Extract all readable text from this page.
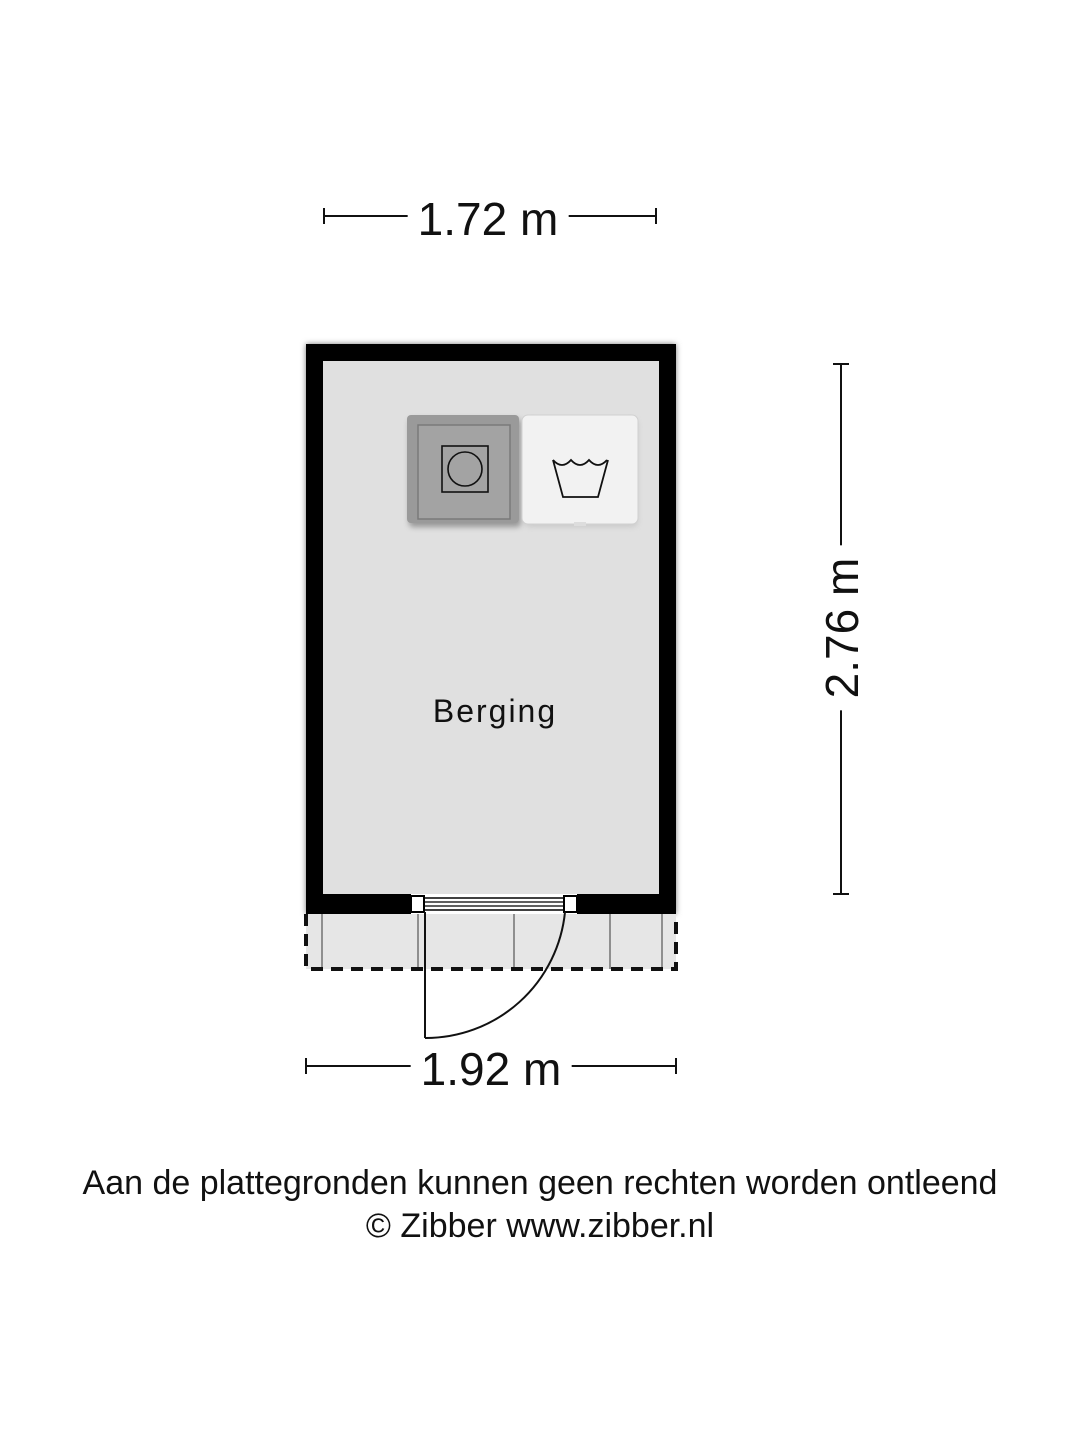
1.72 m
1.92 m
2.76 m
Berging
Aan de plattegronden kunnen geen rechten worden ontleend
© Zibber www.zibber.nl
